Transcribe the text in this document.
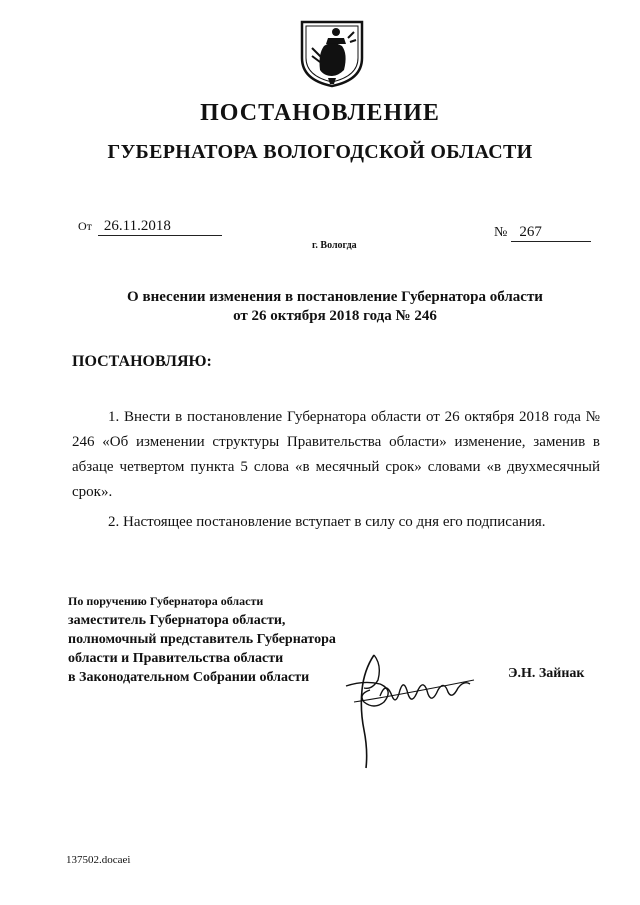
ПОСТАНОВЛЕНИЕ
ГУБЕРНАТОРА ВОЛОГОДСКОЙ ОБЛАСТИ
От 26.11.2018	№ 267
г. Вологда
О внесении изменения в постановление Губернатора области
от 26 октября 2018 года № 246
ПОСТАНОВЛЯЮ:

1. Внести в постановление Губернатора области от 26 октября 2018 года № 246 «Об изменении структуры Правительства области» изменение, заменив в абзаце четвертом пункта 5 слова «в месячный срок» словами «в двухмесячный срок».

2. Настоящее постановление вступает в силу со дня его подписания.

По поручению Губернатора области
заместитель Губернатора области,
полномочный представитель Губернатора
области и Правительства области
в Законодательном Собрании области	Э.Н. Зайнак
137502.docaei
